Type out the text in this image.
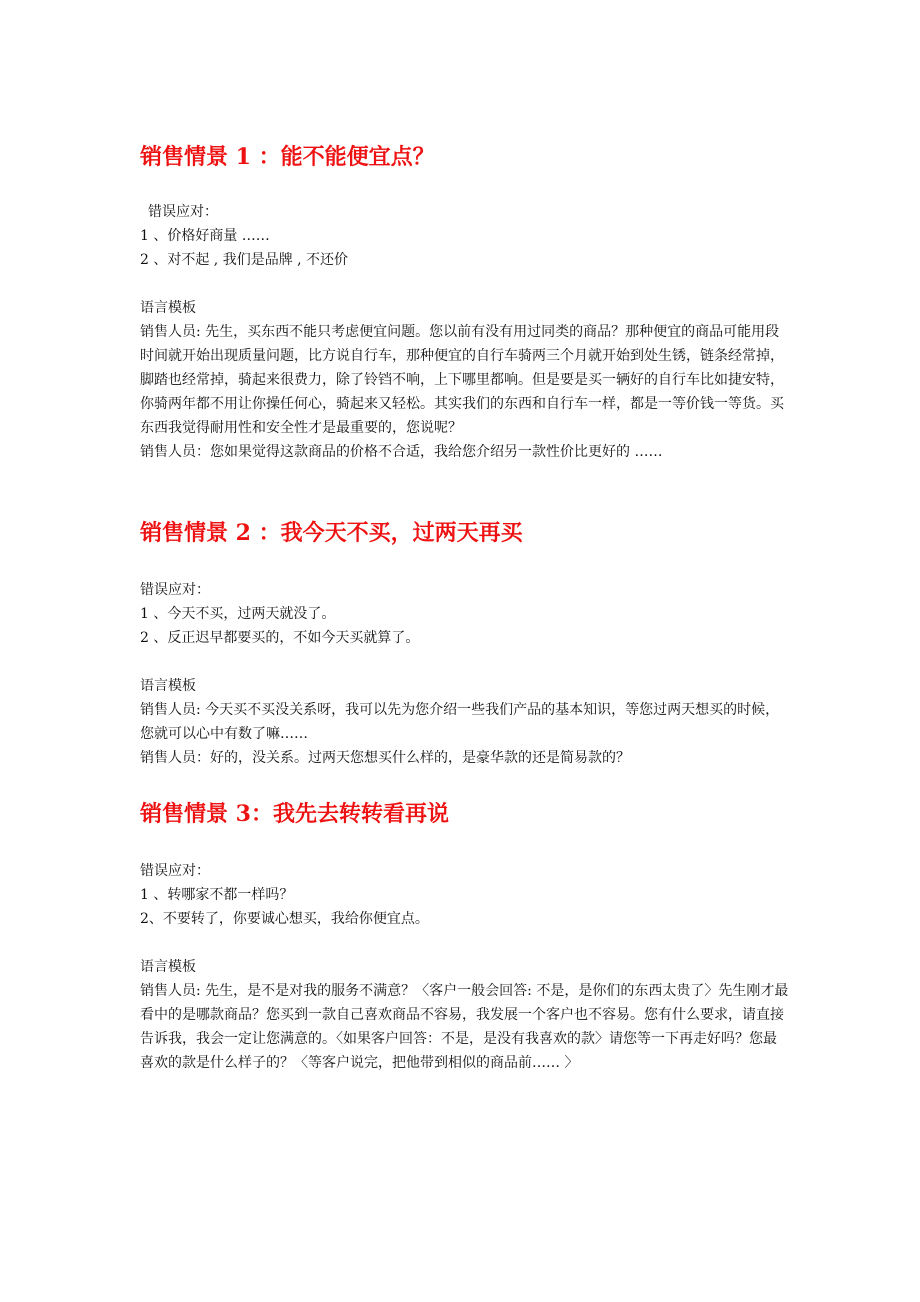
销售情景 1 ：能不能便宜点？
错误应对：
1 、价格好商量 ……
2 、对不起 , 我们是品牌 , 不还价
语言模板

销售人员: 先生，买东西不能只考虑便宜问题。您以前有没有用过同类的商品？那种便宜的商品可能用段时间就开始出现质量问题，比方说自行车，那种便宜的自行车骑两三个月就开始到处生锈，链条经常掉，脚踏也经常掉，骑起来很费力，除了铃铛不响，上下哪里都响。但是要是买一辆好的自行车比如捷安特，你骑两年都不用让你操任何心，骑起来又轻松。其实我们的东西和自行车一样，都是一等价钱一等货。买东西我觉得耐用性和安全性才是最重要的，您说呢？

销售人员：您如果觉得这款商品的价格不合适，我给您介绍另一款性价比更好的 ……

销售情景 2 ：我今天不买，过两天再买
错误应对：
1 、今天不买，过两天就没了。
2 、反正迟早都要买的，不如今天买就算了。
语言模板

销售人员: 今天买不买没关系呀，我可以先为您介绍一些我们产品的基本知识，等您过两天想买的时候，您就可以心中有数了嘛……

销售人员：好的，没关系。过两天您想买什么样的，是豪华款的还是简易款的？

销售情景 3：我先去转转看再说
错误应对：
1 、转哪家不都一样吗？
2、不要转了，你要诚心想买，我给你便宜点。
语言模板

销售人员: 先生，是不是对我的服务不满意？〈客户一般会回答: 不是，是你们的东西太贵了〉先生刚才最看中的是哪款商品？您买到一款自己喜欢商品不容易，我发展一个客户也不容易。您有什么要求，请直接告诉我，我会一定让您满意的。〈如果客户回答：不是，是没有我喜欢的款〉请您等一下再走好吗？您最喜欢的款是什么样子的？〈等客户说完，把他带到相似的商品前…… 〉
